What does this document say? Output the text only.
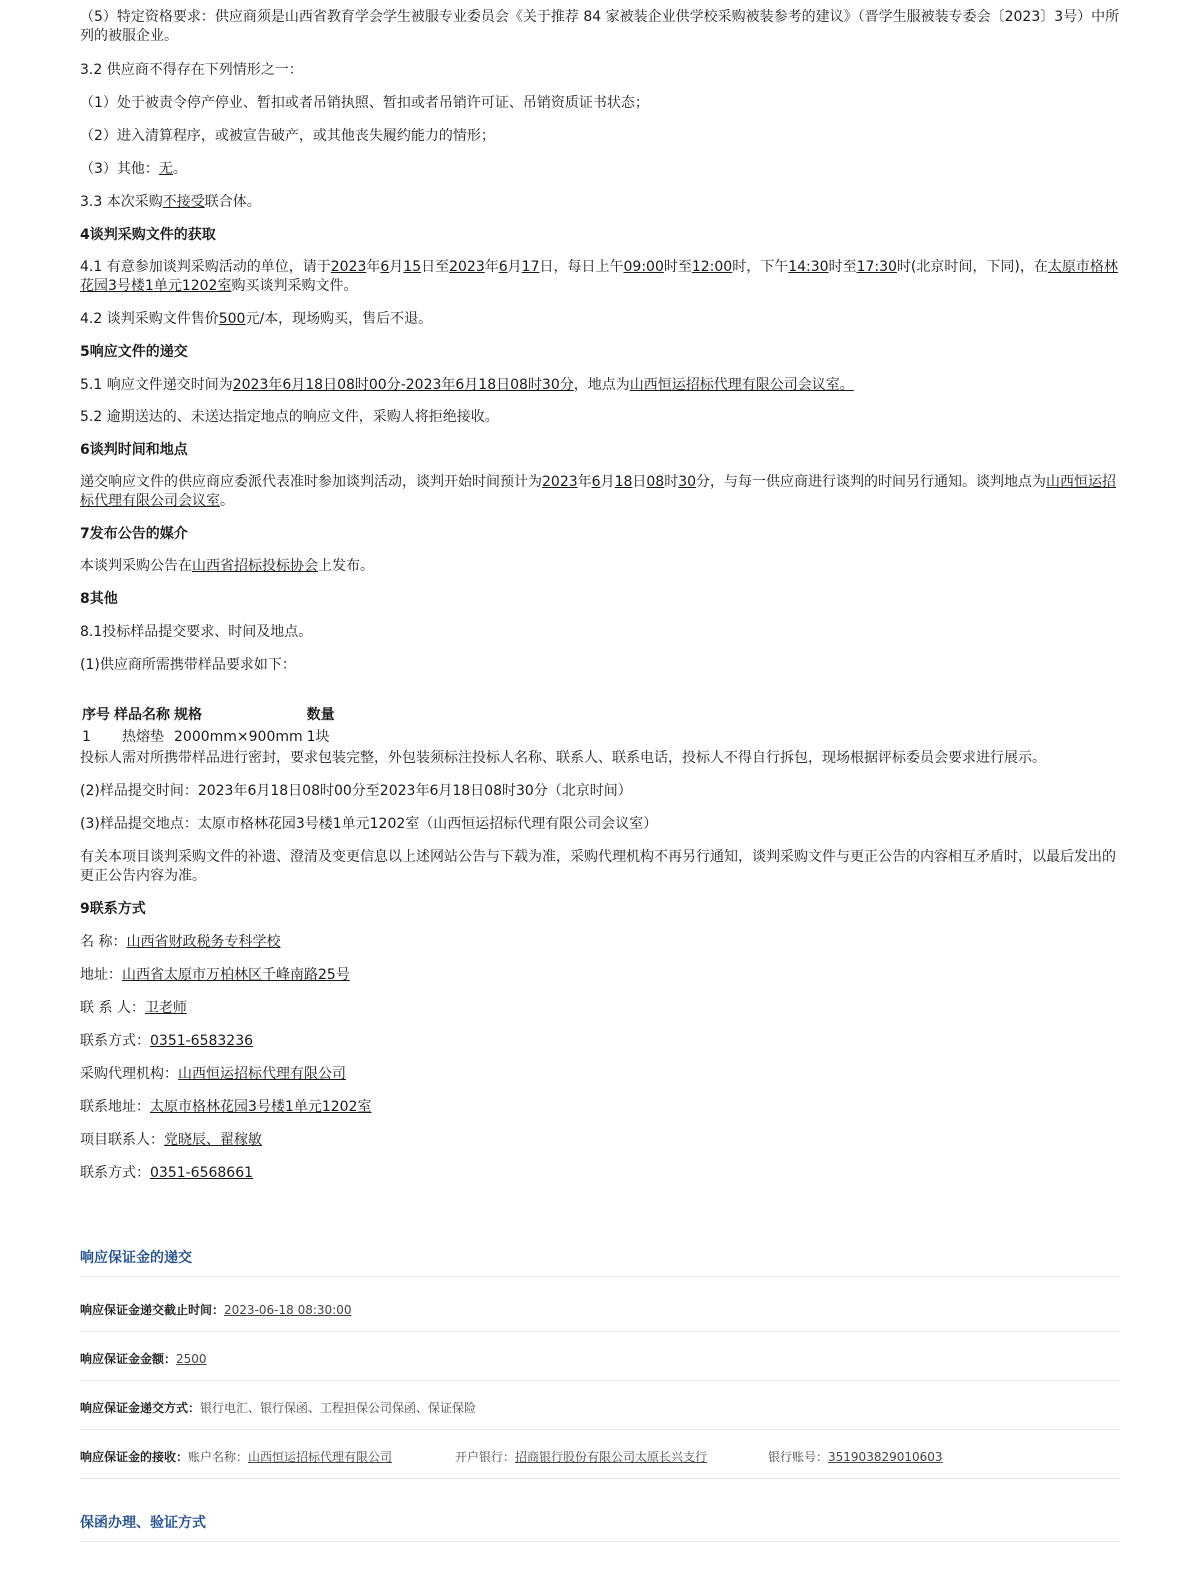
（5）特定资格要求：供应商须是山西省教育学会学生被服专业委员会《关于推荐 84 家被装企业供学校采购被装参考的建议》（晋学生服被装专委会〔2023〕3号）中所列的被服企业。

3.2 供应商不得存在下列情形之一：

（1）处于被责令停产停业、暂扣或者吊销执照、暂扣或者吊销许可证、吊销资质证书状态；

（2）进入清算程序，或被宣告破产，或其他丧失履约能力的情形；

（3）其他：无。

3.3 本次采购不接受联合体。

4谈判采购文件的获取

4.1 有意参加谈判采购活动的单位，请于2023年6月15日至2023年6月17日，每日上午09:00时至12:00时，下午14:30时至17:30时(北京时间，下同)，在太原市格林花园3号楼1单元1202室购买谈判采购文件。

4.2 谈判采购文件售价500元/本，现场购买，售后不退。

5响应文件的递交

5.1 响应文件递交时间为2023年6月18日08时00分-2023年6月18日08时30分，地点为山西恒运招标代理有限公司会议室。

5.2 逾期送达的、未送达指定地点的响应文件，采购人将拒绝接收。

6谈判时间和地点

递交响应文件的供应商应委派代表准时参加谈判活动，谈判开始时间预计为2023年6月18日08时30分，与每一供应商进行谈判的时间另行通知。谈判地点为山西恒运招标代理有限公司会议室。

7发布公告的媒介

本谈判采购公告在山西省招标投标协会上发布。

8其他

8.1投标样品提交要求、时间及地点。

(1)供应商所需携带样品要求如下：

序号	样品名称	规格	数量
1	热熔垫	2000mm×900mm	1块

投标人需对所携带样品进行密封，要求包装完整，外包装须标注投标人名称、联系人、联系电话，投标人不得自行拆包，现场根据评标委员会要求进行展示。

(2)样品提交时间：2023年6月18日08时00分至2023年6月18日08时30分（北京时间）

(3)样品提交地点：太原市格林花园3号楼1单元1202室（山西恒运招标代理有限公司会议室）

有关本项目谈判采购文件的补遗、澄清及变更信息以上述网站公告与下载为准，采购代理机构不再另行通知，谈判采购文件与更正公告的内容相互矛盾时，以最后发出的更正公告内容为准。

9联系方式

名 称：山西省财政税务专科学校

地址：山西省太原市万柏林区千峰南路25号

联 系 人：卫老师

联系方式：0351-6583236

采购代理机构：山西恒运招标代理有限公司

联系地址：太原市格林花园3号楼1单元1202室

项目联系人：党晓辰、翟稼敏

联系方式：0351-6568661

响应保证金的递交
响应保证金递交截止时间：2023-06-18 08:30:00
响应保证金金额：2500
响应保证金递交方式：银行电汇、银行保函、工程担保公司保函、保证保险
响应保证金的接收：账户名称：山西恒运招标代理有限公司	开户银行：招商银行股份有限公司太原长兴支行	银行账号：351903829010603
保函办理、验证方式
